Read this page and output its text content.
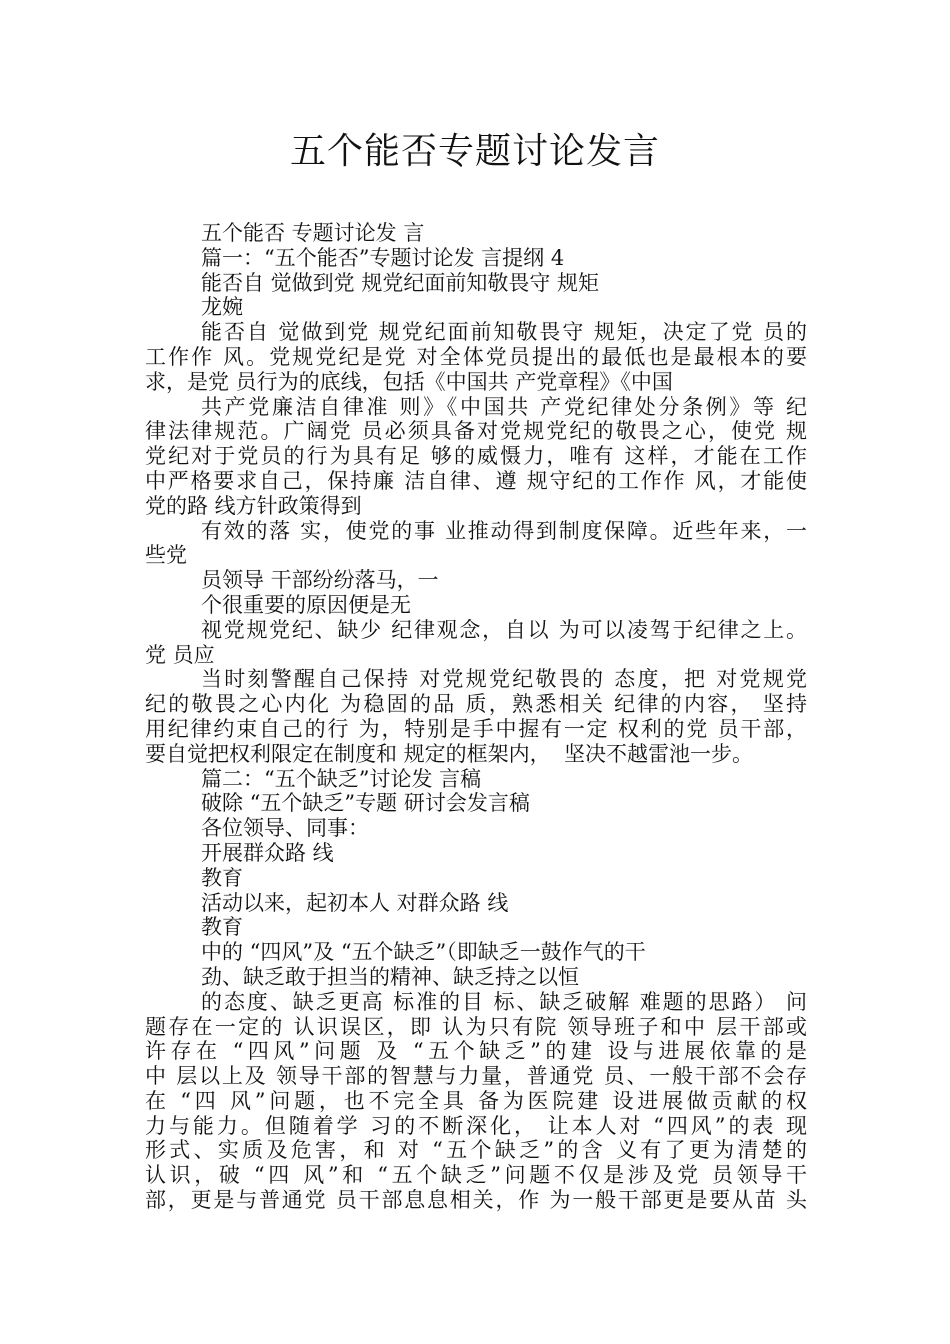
五个能否专题讨论发言
五个能否 专题讨论发 言
篇一：“五个能否”专题讨论发 言提纲 4
能否自 觉做到党 规党纪面前知敬畏守 规矩
龙婉
能否自 觉做到党 规党纪面前知敬畏守 规矩，决定了党 员的
工作作 风。党规党纪是党 对全体党员提出的最低也是最根本的要
求，是党 员行为的底线，包括《中国共 产党章程》《中国
共产党廉洁自律准 则》《中国共 产党纪律处分条例》等 纪
律法律规范。广阔党 员必须具备对党规党纪的敬畏之心，使党 规
党纪对于党员的行为具有足 够的威慑力，唯有 这样，才能在工作
中严格要求自己，保持廉 洁自律、遵 规守纪的工作作 风，才能使
党的路 线方针政策得到
有效的落 实，使党的事 业推动得到制度保障。近些年来，一
些党
员领导 干部纷纷落马，一
个很重要的原因便是无
视党规党纪、缺少 纪律观念，自以 为可以凌驾于纪律之上。
党 员应
当时刻警醒自己保持 对党规党纪敬畏的 态度，把 对党规党
纪的敬畏之心内化 为稳固的品 质，熟悉相关 纪律的内容， 坚持
用纪律约束自己的行 为，特别是手中握有一定 权利的党 员干部，
要自觉把权利限定在制度和 规定的框架内，  坚决不越雷池一步。
篇二：“五个缺乏”讨论发 言稿
破除 “五个缺乏”专题 研讨会发言稿
各位领导、同事：
开展群众路 线
教育
活动以来，起初本人 对群众路 线
教育
中的 “四风”及 “五个缺乏”（即缺乏一鼓作气的干
劲、缺乏敢于担当的精神、缺乏持之以恒
的态度、缺乏更高 标准的目 标、缺乏破解 难题的思路） 问
题存在一定的 认识误区，即 认为只有院 领导班子和中 层干部或
许存在 “四风”问题 及 “五个缺乏”的建 设与进展依靠的是
中 层以上及 领导干部的智慧与力量，普通党 员、一般干部不会存
在 “四 风”问题，也不完全具 备为医院建 设进展做贡献的权
力与能力。但随着学 习的不断深化， 让本人对 “四风”的表 现
形式、实质及危害，和 对 “五个缺乏”的含 义有了更为清楚的
认识，破 “四 风”和 “五个缺乏”问题不仅是涉及党 员领导干
部，更是与普通党 员干部息息相关，作 为一般干部更是要从苗 头
